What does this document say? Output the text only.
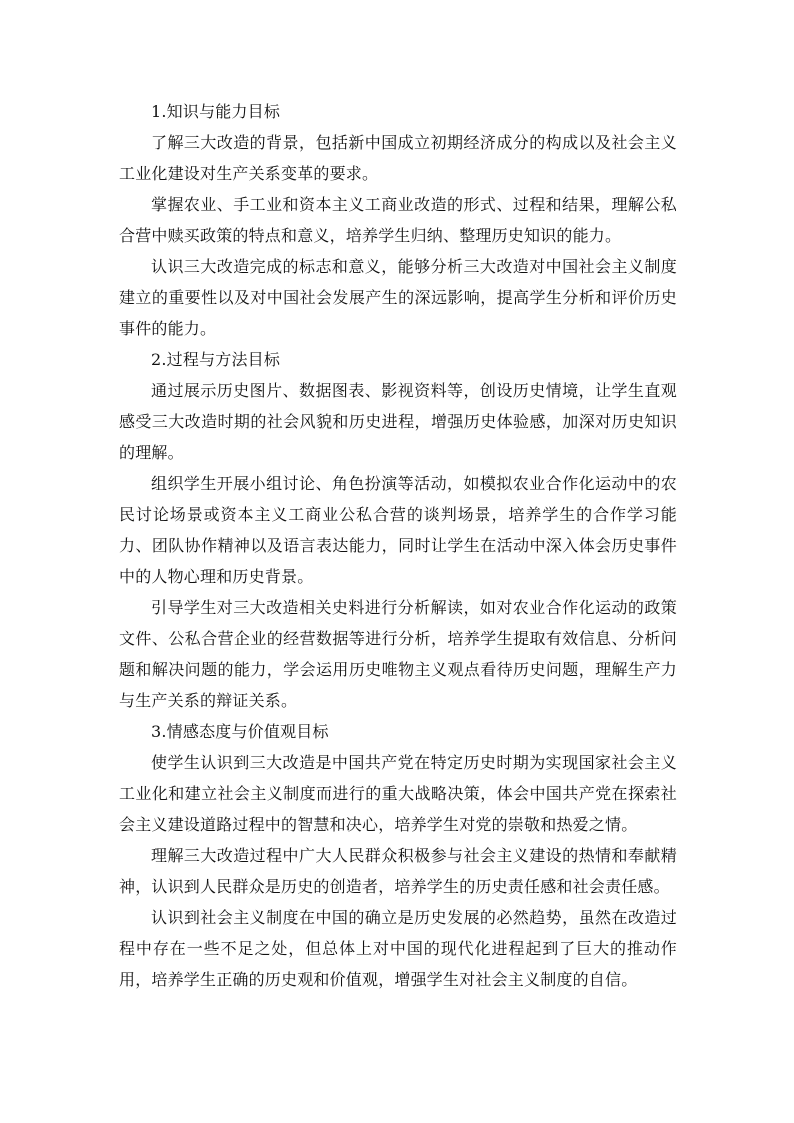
1.知识与能力目标

了解三大改造的背景，包括新中国成立初期经济成分的构成以及社会主义工业化建设对生产关系变革的要求。

掌握农业、手工业和资本主义工商业改造的形式、过程和结果，理解公私合营中赎买政策的特点和意义，培养学生归纳、整理历史知识的能力。

认识三大改造完成的标志和意义，能够分析三大改造对中国社会主义制度建立的重要性以及对中国社会发展产生的深远影响，提高学生分析和评价历史事件的能力。

2.过程与方法目标

通过展示历史图片、数据图表、影视资料等，创设历史情境，让学生直观感受三大改造时期的社会风貌和历史进程，增强历史体验感，加深对历史知识的理解。

组织学生开展小组讨论、角色扮演等活动，如模拟农业合作化运动中的农民讨论场景或资本主义工商业公私合营的谈判场景，培养学生的合作学习能力、团队协作精神以及语言表达能力，同时让学生在活动中深入体会历史事件中的人物心理和历史背景。

引导学生对三大改造相关史料进行分析解读，如对农业合作化运动的政策文件、公私合营企业的经营数据等进行分析，培养学生提取有效信息、分析问题和解决问题的能力，学会运用历史唯物主义观点看待历史问题，理解生产力与生产关系的辩证关系。

3.情感态度与价值观目标

使学生认识到三大改造是中国共产党在特定历史时期为实现国家社会主义工业化和建立社会主义制度而进行的重大战略决策，体会中国共产党在探索社会主义建设道路过程中的智慧和决心，培养学生对党的崇敬和热爱之情。

理解三大改造过程中广大人民群众积极参与社会主义建设的热情和奉献精神，认识到人民群众是历史的创造者，培养学生的历史责任感和社会责任感。

认识到社会主义制度在中国的确立是历史发展的必然趋势，虽然在改造过程中存在一些不足之处，但总体上对中国的现代化进程起到了巨大的推动作用，培养学生正确的历史观和价值观，增强学生对社会主义制度的自信。
